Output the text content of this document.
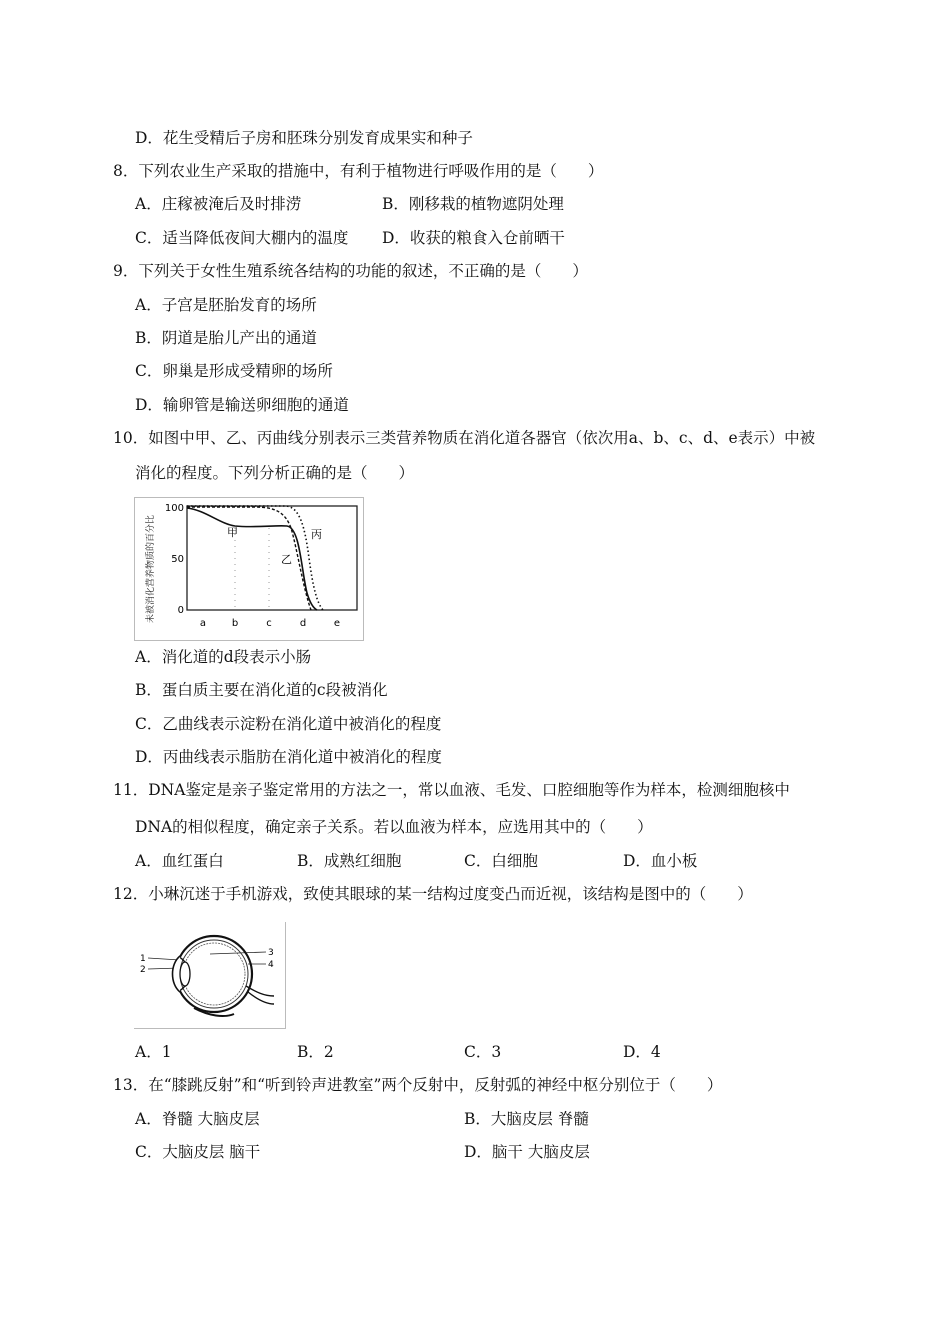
D．花生受精后子房和胚珠分别发育成果实和种子
8．下列农业生产采取的措施中，有利于植物进行呼吸作用的是（　　）
A．庄稼被淹后及时排涝	B．刚移栽的植物遮阴处理
C．适当降低夜间大棚内的温度 D．收获的粮食入仓前晒干
9．下列关于女性生殖系统各结构的功能的叙述，不正确的是（　　）
A．子宫是胚胎发育的场所
B．阴道是胎儿产出的通道
C．卵巢是形成受精卵的场所
D．输卵管是输送卵细胞的通道
10．如图中甲、乙、丙曲线分别表示三类营养物质在消化道各器官（依次用a、b、c、d、e表示）中被
消化的程度。下列分析正确的是（　　）
未被消化营养物质的百分比
100
50
0
a	b	c	d	e
甲
乙
丙
A．消化道的d段表示小肠
B．蛋白质主要在消化道的c段被消化
C．乙曲线表示淀粉在消化道中被消化的程度
D．丙曲线表示脂肪在消化道中被消化的程度
11．DNA鉴定是亲子鉴定常用的方法之一，常以血液、毛发、口腔细胞等作为样本，检测细胞核中
DNA的相似程度，确定亲子关系。若以血液为样本，应选用其中的（　　）
A．血红蛋白	B．成熟红细胞	C．白细胞	D．血小板
12．小琳沉迷于手机游戏，致使其眼球的某一结构过度变凸而近视，该结构是图中的（　　）
1
2
3
4
A．1	B．2	C．3	D．4
13．在“膝跳反射”和“听到铃声进教室”两个反射中，反射弧的神经中枢分别位于（　　）
A．脊髓 大脑皮层	B．大脑皮层 脊髓
C．大脑皮层 脑干	D．脑干 大脑皮层
